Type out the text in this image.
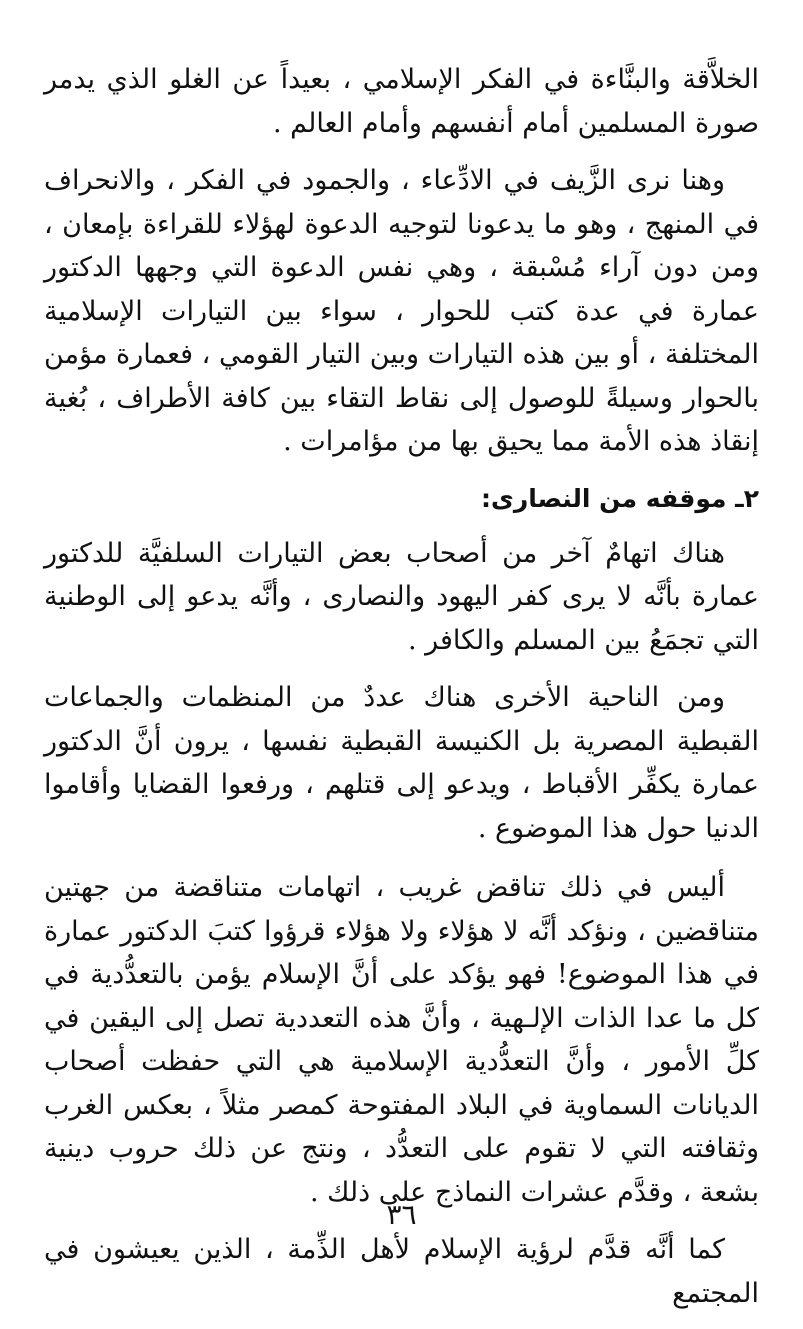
الخلاَّقة والبنَّاءة في الفكر الإسلامي ، بعيداً عن الغلو الذي يدمر صورة المسلمين أمام أنفسهم وأمام العالم .

وهنا نرى الزَّيف في الادِّعاء ، والجمود في الفكر ، والانحراف في المنهج ، وهو ما يدعونا لتوجيه الدعوة لهؤلاء للقراءة بإمعان ، ومن دون آراء مُسْبقة ، وهي نفس الدعوة التي وجهها الدكتور عمارة في عدة كتب للحوار ، سواء بين التيارات الإسلامية المختلفة ، أو بين هذه التيارات وبين التيار القومي ، فعمارة مؤمن بالحوار وسيلةً للوصول إلى نقاط التقاء بين كافة الأطراف ، بُغية إنقاذ هذه الأمة مما يحيق بها من مؤامرات .

٢ـ موقفه من النصارى:

هناك اتهامٌ آخر من أصحاب بعض التيارات السلفيَّة للدكتور عمارة بأنَّه لا يرى كفر اليهود والنصارى ، وأنَّه يدعو إلى الوطنية التي تجمَعُ بين المسلم والكافر .

ومن الناحية الأخرى هناك عددٌ من المنظمات والجماعات القبطية المصرية بل الكنيسة القبطية نفسها ، يرون أنَّ الدكتور عمارة يكفِّر الأقباط ، ويدعو إلى قتلهم ، ورفعوا القضايا وأقاموا الدنيا حول هذا الموضوع .

أليس في ذلك تناقض غريب ، اتهامات متناقضة من جهتين متناقضين ، ونؤكد أنَّه لا هؤلاء ولا هؤلاء قرؤوا كتبَ الدكتور عمارة في هذا الموضوع! فهو يؤكد على أنَّ الإسلام يؤمن بالتعدُّدية في كل ما عدا الذات الإلـهية ، وأنَّ هذه التعددية تصل إلى اليقين في كلِّ الأمور ، وأنَّ التعدُّدية الإسلامية هي التي حفظت أصحاب الديانات السماوية في البلاد المفتوحة كمصر مثلاً ، بعكس الغرب وثقافته التي لا تقوم على التعدُّد ، ونتج عن ذلك حروب دينية بشعة ، وقدَّم عشرات النماذج على ذلك .

كما أنَّه قدَّم لرؤية الإسلام لأهل الذِّمة ، الذين يعيشون في المجتمع

٣٦
